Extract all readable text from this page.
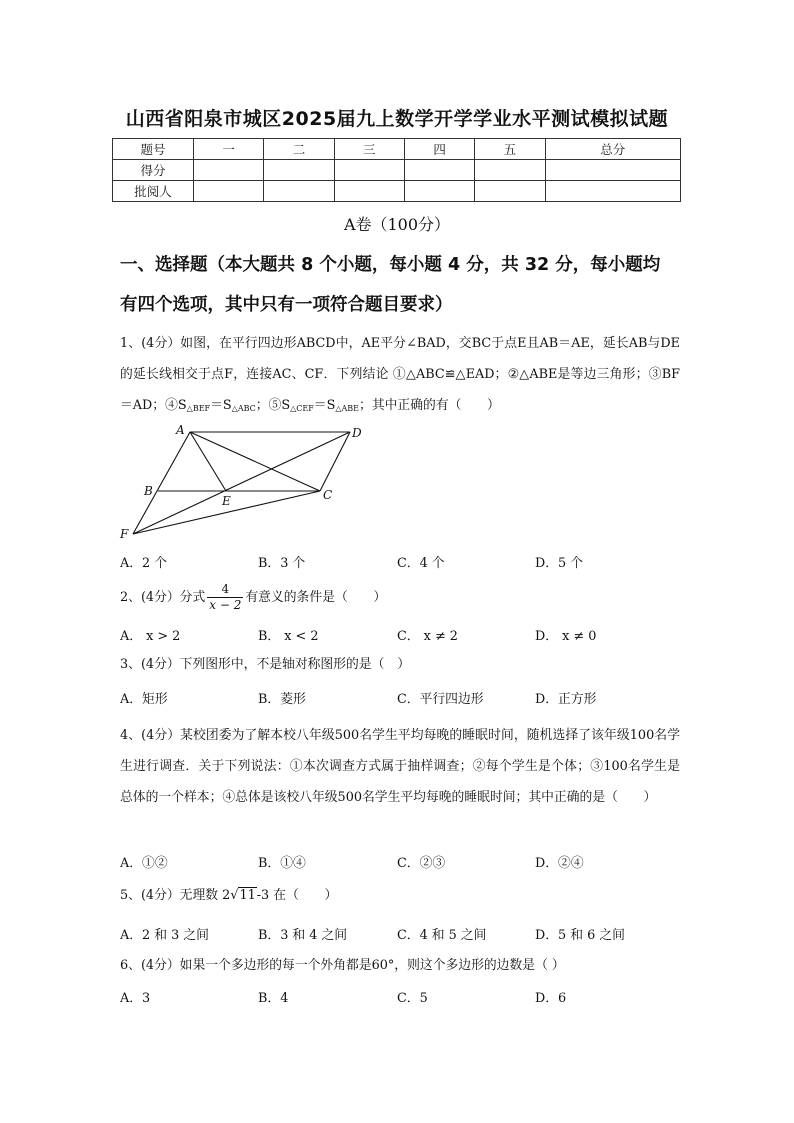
山西省阳泉市城区2025届九上数学开学学业水平测试模拟试题
题号	一	二	三	四	五	总分
得分						
批阅人						
A卷（100分）
一、选择题（本大题共 8 个小题，每小题 4 分，共 32 分，每小题均
有四个选项，其中只有一项符合题目要求）
1、(4分）如图，在平行四边形ABCD中，AE平分∠BAD，交BC于点E且AB＝AE，延长AB与DE的延长线相交于点F，连接AC、CF．下列结论 ①△ABC≌△EAD；②△ABE是等边三角形；③BF＝AD；$④S_{\triangle BEF}=S_{\triangle ABC}$；$⑤S_{\triangle CEF}=S_{\triangle ABE}$；其中正确的有（　　）
A	D
B
E	C
F
A．2 个	B．3 个	C．4 个	D．5 个
2、(4分）分式 $\frac{4}{x - 2}$ 有意义的条件是（　　）
A． x > 2	B． x < 2	C． x ≠ 2	D． x ≠ 0
3、(4分）下列图形中，不是轴对称图形的是（　）
A．矩形	B．菱形	C．平行四边形	D．正方形
4、(4分）某校团委为了解本校八年级500名学生平均每晚的睡眠时间，随机选择了该年级100名学生进行调查．关于下列说法：①本次调查方式属于抽样调查；②每个学生是个体；③100名学生是总体的一个样本；④总体是该校八年级500名学生平均每晚的睡眠时间；其中正确的是（　　）
A．①②	B．①④	C．②③	D．②④
5、(4分）无理数 2√11-3 在（　　）
A．2 和 3 之间	B．3 和 4 之间	C．4 和 5 之间	D．5 和 6 之间
6、(4分）如果一个多边形的每一个外角都是60°，则这个多边形的边数是（ ）
A．3	B．4	C．5	D．6
